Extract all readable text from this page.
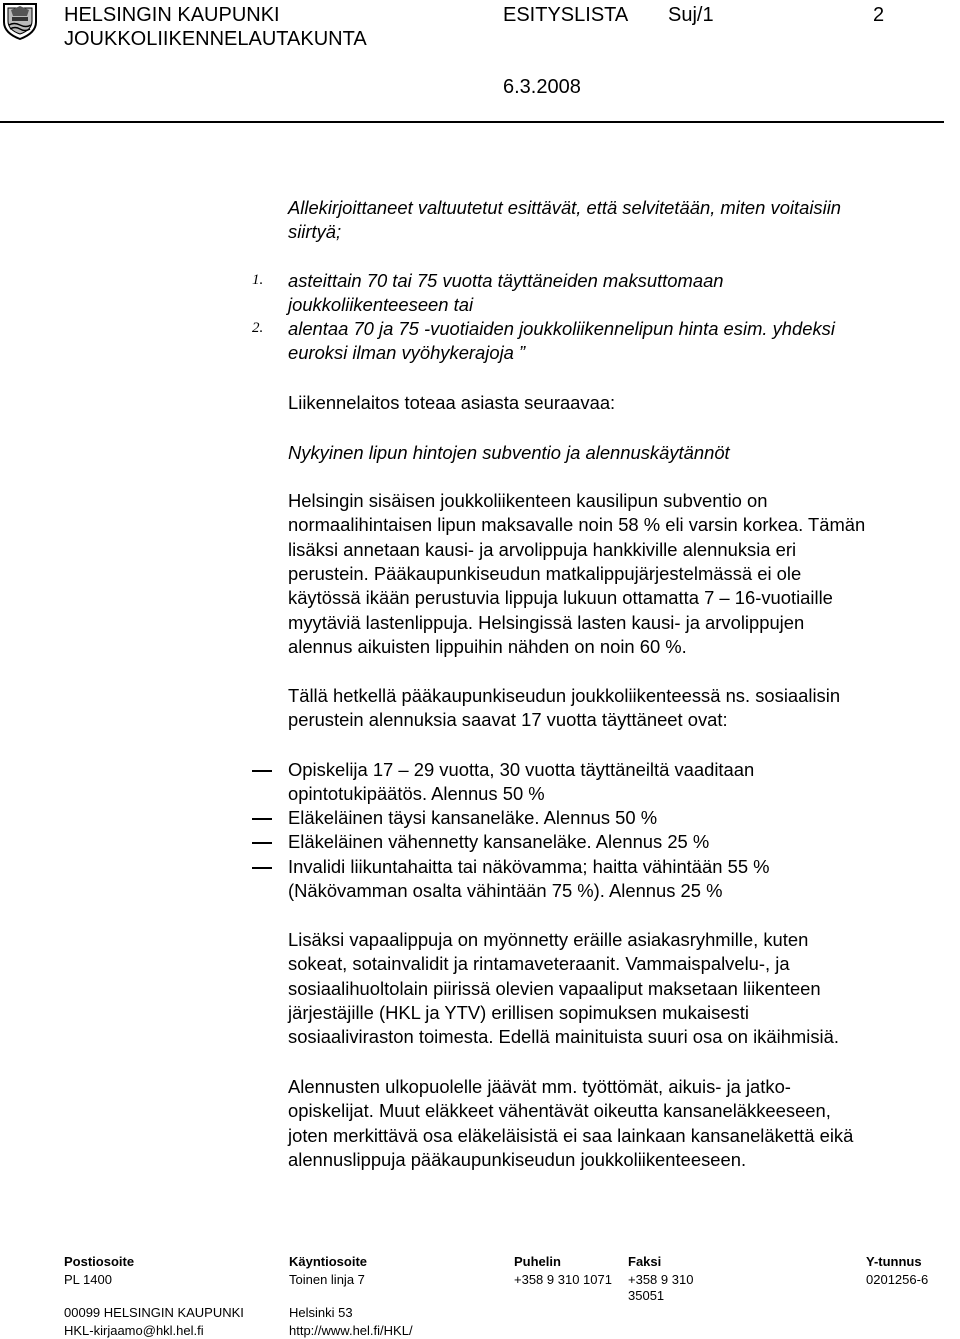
HELSINGIN KAUPUNKI
JOUKKOLIIKENNELAUTAKUNTA
ESITYSLISTA Suj/1	2
6.3.2008
Allekirjoittaneet valtuutetut esittävät, että selvitetään, miten voitaisiin
siirtyä;
1. asteittain 70 tai 75 vuotta täyttäneiden maksuttomaan
joukkoliikenteeseen tai
2. alentaa 70 ja 75 -vuotiaiden joukkoliikennelipun hinta esim. yhdeksi
euroksi ilman vyöhykerajoja ”
Liikennelaitos toteaa asiasta seuraavaa:
Nykyinen lipun hintojen subventio ja alennuskäytännöt
Helsingin sisäisen joukkoliikenteen kausilipun subventio on
normaalihintaisen lipun maksavalle noin 58 % eli varsin korkea. Tämän
lisäksi annetaan kausi- ja arvolippuja hankkiville alennuksia eri
perustein. Pääkaupunkiseudun matkalippujärjestelmässä ei ole
käytössä ikään perustuvia lippuja lukuun ottamatta 7 – 16-vuotiaille
myytäviä lastenlippuja. Helsingissä lasten kausi- ja arvolippujen
alennus aikuisten lippuihin nähden on noin 60 %.
Tällä hetkellä pääkaupunkiseudun joukkoliikenteessä ns. sosiaalisin
perustein alennuksia saavat 17 vuotta täyttäneet ovat:
Opiskelija 17 – 29 vuotta, 30 vuotta täyttäneiltä vaaditaan
opintotukipäätös. Alennus 50 %
Eläkeläinen täysi kansaneläke. Alennus 50 %
Eläkeläinen vähennetty kansaneläke. Alennus 25 %
Invalidi liikuntahaitta tai näkövamma; haitta vähintään 55 %
(Näkövamman osalta vähintään 75 %). Alennus 25 %
Lisäksi vapaalippuja on myönnetty eräille asiakasryhmille, kuten
sokeat, sotainvalidit ja rintamaveteraanit. Vammaispalvelu-, ja
sosiaalihuoltolain piirissä olevien vapaaliput maksetaan liikenteen
järjestäjille (HKL ja YTV) erillisen sopimuksen mukaisesti
sosiaaliviraston toimesta. Edellä mainituista suuri osa on ikäihmisiä.
Alennusten ulkopuolelle jäävät mm. työttömät, aikuis- ja jatko-
opiskelijat. Muut eläkkeet vähentävät oikeutta kansaneläkkeeseen,
joten merkittävä osa eläkeläisistä ei saa lainkaan kansaneläkettä eikä
alennuslippuja pääkaupunkiseudun joukkoliikenteeseen.
Postiosoite
PL 1400
00099 HELSINGIN KAUPUNKI
HKL-kirjaamo@hkl.hel.fi
Käyntiosoite
Toinen linja 7
Helsinki 53
http://www.hel.fi/HKL/
Puhelin
+358 9 310 1071
Faksi
+358 9 310
35051
Y-tunnus
0201256-6
